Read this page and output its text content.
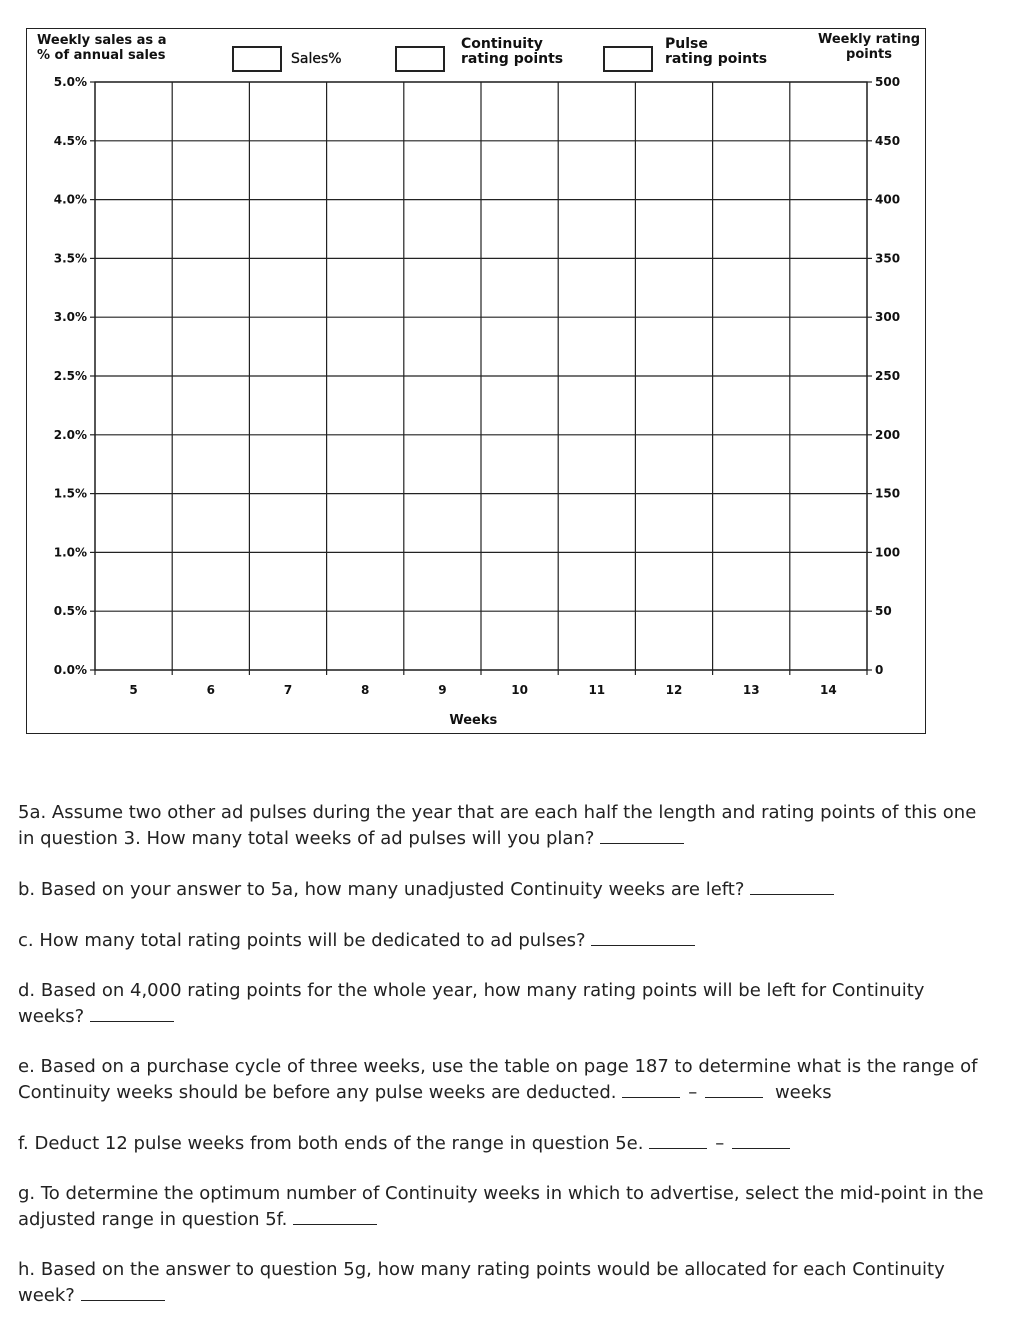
Weekly sales as a
% of annual sales	Sales%
Continuity
rating points
Pulse
rating points
Weekly rating
points
0.0%	0
0.5%	50
1.0%	100
1.5%	150
2.0%	200
2.5%	250
3.0%	300
3.5%	350
4.0%	400
4.5%	450
5.0%	500
5	6	7	8	9	10	11	12	13	14
Weeks
5a. Assume two other ad pulses during the year that are each half the length and rating points of this one in question 3. How many total weeks of ad pulses will you plan?
b. Based on your answer to 5a, how many unadjusted Continuity weeks are left?
c. How many total rating points will be dedicated to ad pulses?
d. Based on 4,000 rating points for the whole year, how many rating points will be left for Continuity weeks?
e. Based on a purchase cycle of three weeks, use the table on page 187 to determine what is the range of Continuity weeks should be before any pulse weeks are deducted.	–	weeks
f. Deduct 12 pulse weeks from both ends of the range in question 5e.	–
g. To determine the optimum number of Continuity weeks in which to advertise, select the mid-point in the adjusted range in question 5f.
h. Based on the answer to question 5g, how many rating points would be allocated for each Continuity week?
